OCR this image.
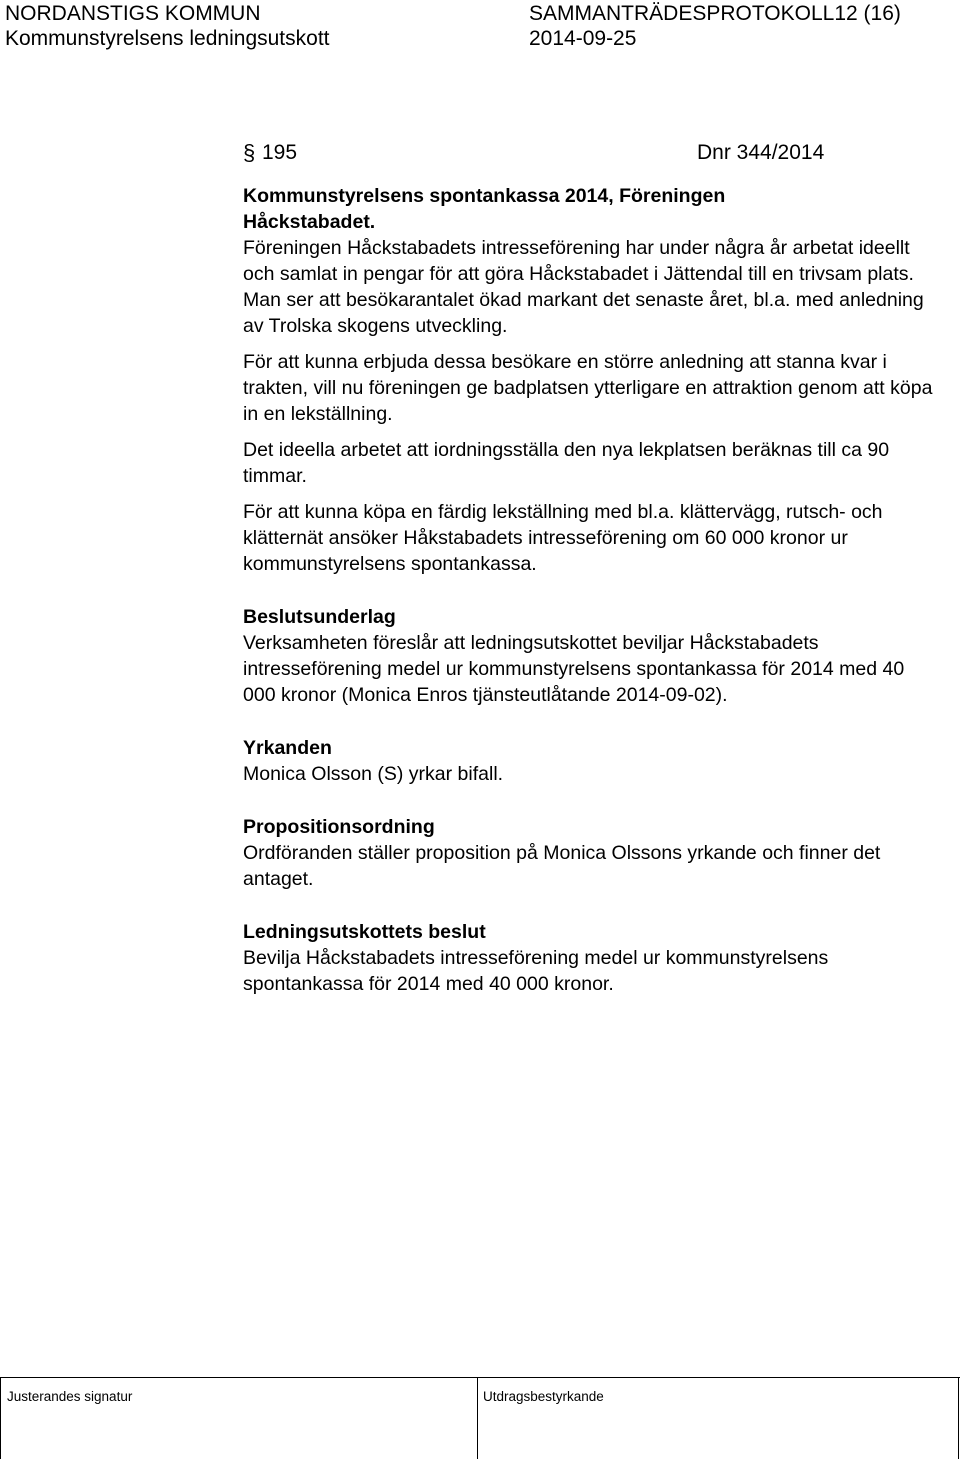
NORDANSTIGS KOMMUN
Kommunstyrelsens ledningsutskott
SAMMANTRÄDESPROTOKOLL12 (16)
2014-09-25
§ 195	Dnr 344/2014

Kommunstyrelsens spontankassa 2014, Föreningen

Håckstabadet.

Föreningen Håckstabadets intresseförening har under några år arbetat ideellt och samlat in pengar för att göra Håckstabadet i Jättendal till en trivsam plats. Man ser att besökarantalet ökad markant det senaste året, bl.a. med anledning av Trolska skogens utveckling.

För att kunna erbjuda dessa besökare en större anledning att stanna kvar i trakten, vill nu föreningen ge badplatsen ytterligare en attraktion genom att köpa in en lekställning.

Det ideella arbetet att iordningsställa den nya lekplatsen beräknas till ca 90 timmar.

För att kunna köpa en färdig lekställning med bl.a. klättervägg, rutsch- och klätternät ansöker Håkstabadets intresseförening om 60 000 kronor ur kommunstyrelsens spontankassa.

Beslutsunderlag

Verksamheten föreslår att ledningsutskottet beviljar Håckstabadets intresseförening medel ur kommunstyrelsens spontankassa för 2014 med 40 000 kronor (Monica Enros tjänsteutlåtande 2014-09-02).

Yrkanden

Monica Olsson (S) yrkar bifall.

Propositionsordning

Ordföranden ställer proposition på Monica Olssons yrkande och finner det antaget.

Ledningsutskottets beslut

Bevilja Håckstabadets intresseförening medel ur kommunstyrelsens spontankassa för 2014 med 40 000 kronor.

Justerandes signatur	Utdragsbestyrkande
